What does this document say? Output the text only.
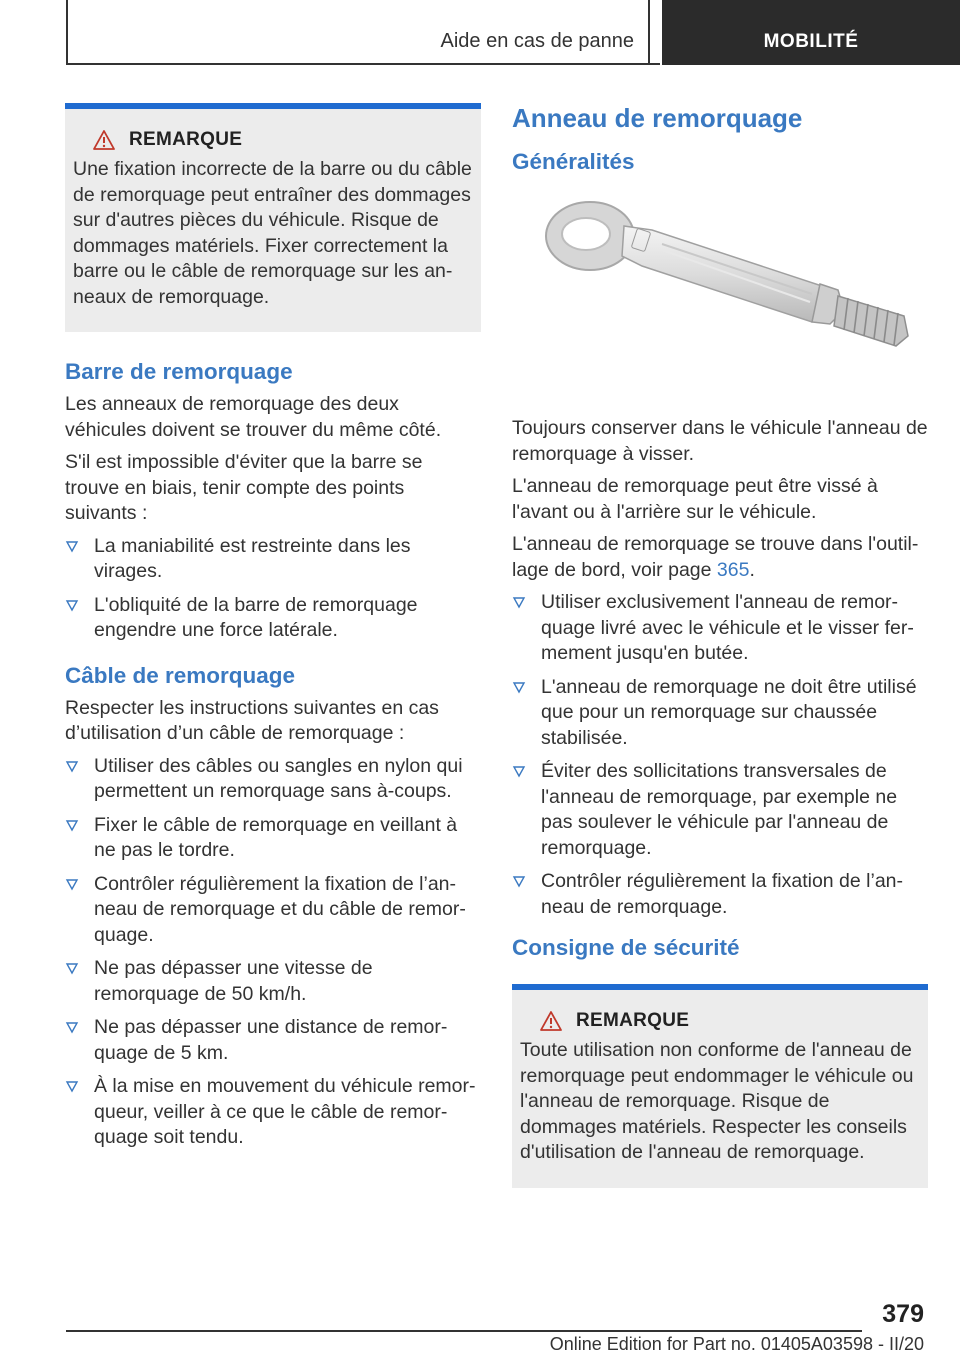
Aide en cas de panne	MOBILITÉ
REMARQUE

Une fixation incorrecte de la barre ou du câble de remorquage peut entraîner des dommages sur d'autres pièces du véhicule. Risque de dommages matériels. Fixer correctement la barre ou le câble de remorquage sur les anneaux de remorquage.

Barre de remorquage

Les anneaux de remorquage des deux véhicules doivent se trouver du même côté.

S'il est impossible d'éviter que la barre se trouve en biais, tenir compte des points suivants :

La maniabilité est restreinte dans les virages.
L'obliquité de la barre de remorquage engendre une force latérale.
Câble de remorquage

Respecter les instructions suivantes en cas d’utilisation d’un câble de remorquage :

Utiliser des câbles ou sangles en nylon qui permettent un remorquage sans à-coups.
Fixer le câble de remorquage en veillant à ne pas le tordre.
Contrôler régulièrement la fixation de l’anneau de remorquage et du câble de remorquage.
Ne pas dépasser une vitesse de remorquage de 50 km/h.
Ne pas dépasser une distance de remorquage de 5 km.
À la mise en mouvement du véhicule remorqueur, veiller à ce que le câble de remorquage soit tendu.
Anneau de remorquage
Généralités

Toujours conserver dans le véhicule l'anneau de remorquage à visser.

L'anneau de remorquage peut être vissé à l'avant ou à l'arrière sur le véhicule.

L'anneau de remorquage se trouve dans l'outillage de bord, voir page 365.

Utiliser exclusivement l'anneau de remorquage livré avec le véhicule et le visser fermement jusqu'en butée.
L'anneau de remorquage ne doit être utilisé que pour un remorquage sur chaussée stabilisée.
Éviter des sollicitations transversales de l'anneau de remorquage, par exemple ne pas soulever le véhicule par l'anneau de remorquage.
Contrôler régulièrement la fixation de l’anneau de remorquage.
Consigne de sécurité
REMARQUE

Toute utilisation non conforme de l'anneau de remorquage peut endommager le véhicule ou l'anneau de remorquage. Risque de dommages matériels. Respecter les conseils d'utilisation de l'anneau de remorquage.

379
Online Edition for Part no. 01405A03598 - II/20
